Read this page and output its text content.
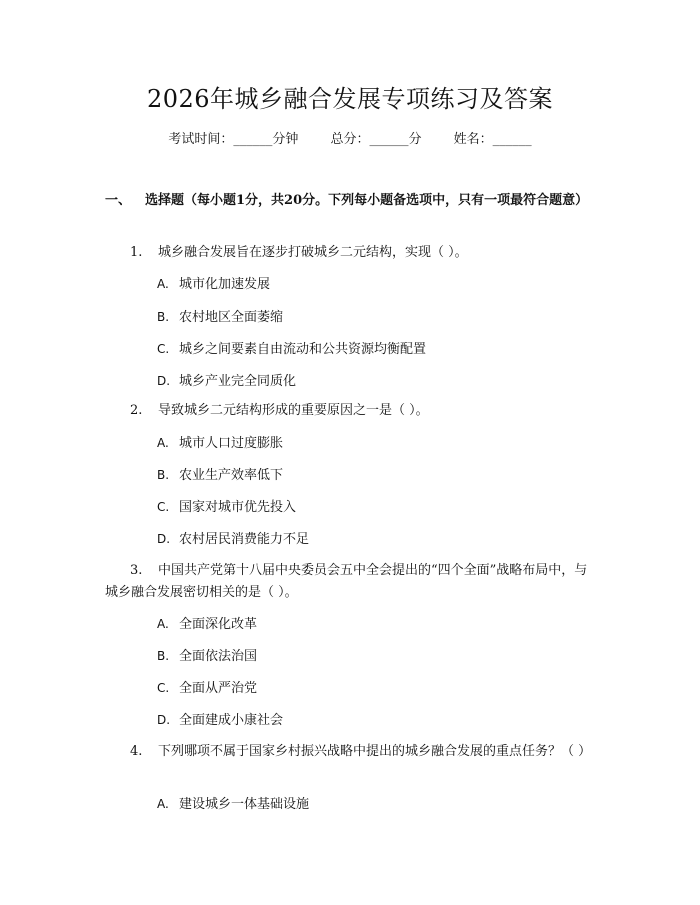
2026年城乡融合发展专项练习及答案
考试时间：______分钟 总分：______分 姓名：______
一、 选择题（每小题1分，共20分。下列每小题备选项中，只有一项最符合题意）
1. 城乡融合发展旨在逐步打破城乡二元结构，实现（ ）。
A. 城市化加速发展
B. 农村地区全面萎缩
C. 城乡之间要素自由流动和公共资源均衡配置
D. 城乡产业完全同质化
2. 导致城乡二元结构形成的重要原因之一是（ ）。
A. 城市人口过度膨胀
B. 农业生产效率低下
C. 国家对城市优先投入
D. 农村居民消费能力不足
3. 中国共产党第十八届中央委员会五中全会提出的“四个全面”战略布局中，与城乡融合发展密切相关的是（ ）。
A. 全面深化改革
B. 全面依法治国
C. 全面从严治党
D. 全面建成小康社会
4. 下列哪项不属于国家乡村振兴战略中提出的城乡融合发展的重点任务？（ ）
A. 建设城乡一体基础设施
